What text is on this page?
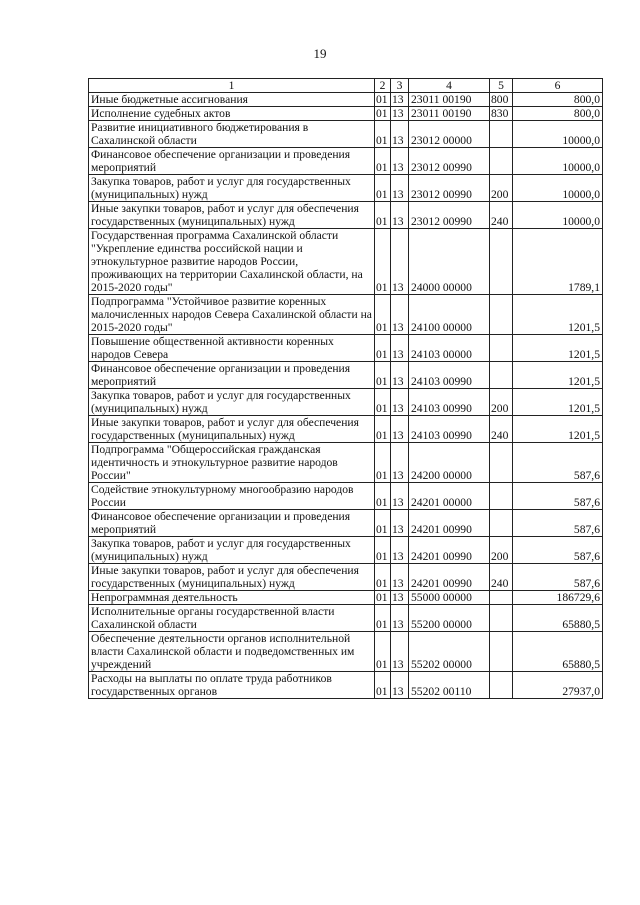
19
1	2	3	4	5	6
Иные бюджетные ассигнования	01	13	23011 00190	800	800,0
Исполнение судебных актов	01	13	23011 00190	830	800,0
Развитие инициативного бюджетирования в Сахалинской области	01	13	23012 00000		10000,0
Финансовое обеспечение организации и проведения мероприятий	01	13	23012 00990		10000,0
Закупка товаров, работ и услуг для государственных (муниципальных) нужд	01	13	23012 00990	200	10000,0
Иные закупки товаров, работ и услуг для обеспечения государственных (муниципальных) нужд	01	13	23012 00990	240	10000,0
Государственная программа Сахалинской области "Укрепление единства российской нации и этнокультурное развитие народов России, проживающих на территории Сахалинской области, на 2015-2020 годы"	01	13	24000 00000		1789,1
Подпрограмма "Устойчивое развитие коренных малочисленных народов Севера Сахалинской области на 2015-2020 годы"	01	13	24100 00000		1201,5
Повышение общественной активности коренных народов Севера	01	13	24103 00000		1201,5
Финансовое обеспечение организации и проведения мероприятий	01	13	24103 00990		1201,5
Закупка товаров, работ и услуг для государственных (муниципальных) нужд	01	13	24103 00990	200	1201,5
Иные закупки товаров, работ и услуг для обеспечения государственных (муниципальных) нужд	01	13	24103 00990	240	1201,5
Подпрограмма "Общероссийская гражданская идентичность и этнокультурное развитие народов России"	01	13	24200 00000		587,6
Содействие этнокультурному многообразию народов России	01	13	24201 00000		587,6
Финансовое обеспечение организации и проведения мероприятий	01	13	24201 00990		587,6
Закупка товаров, работ и услуг для государственных (муниципальных) нужд	01	13	24201 00990	200	587,6
Иные закупки товаров, работ и услуг для обеспечения государственных (муниципальных) нужд	01	13	24201 00990	240	587,6
Непрограммная деятельность	01	13	55000 00000		186729,6
Исполнительные органы государственной власти Сахалинской области	01	13	55200 00000		65880,5
Обеспечение деятельности органов исполнительной власти Сахалинской области и подведомственных им учреждений	01	13	55202 00000		65880,5
Расходы на выплаты по оплате труда работников государственных органов	01	13	55202 00110		27937,0
